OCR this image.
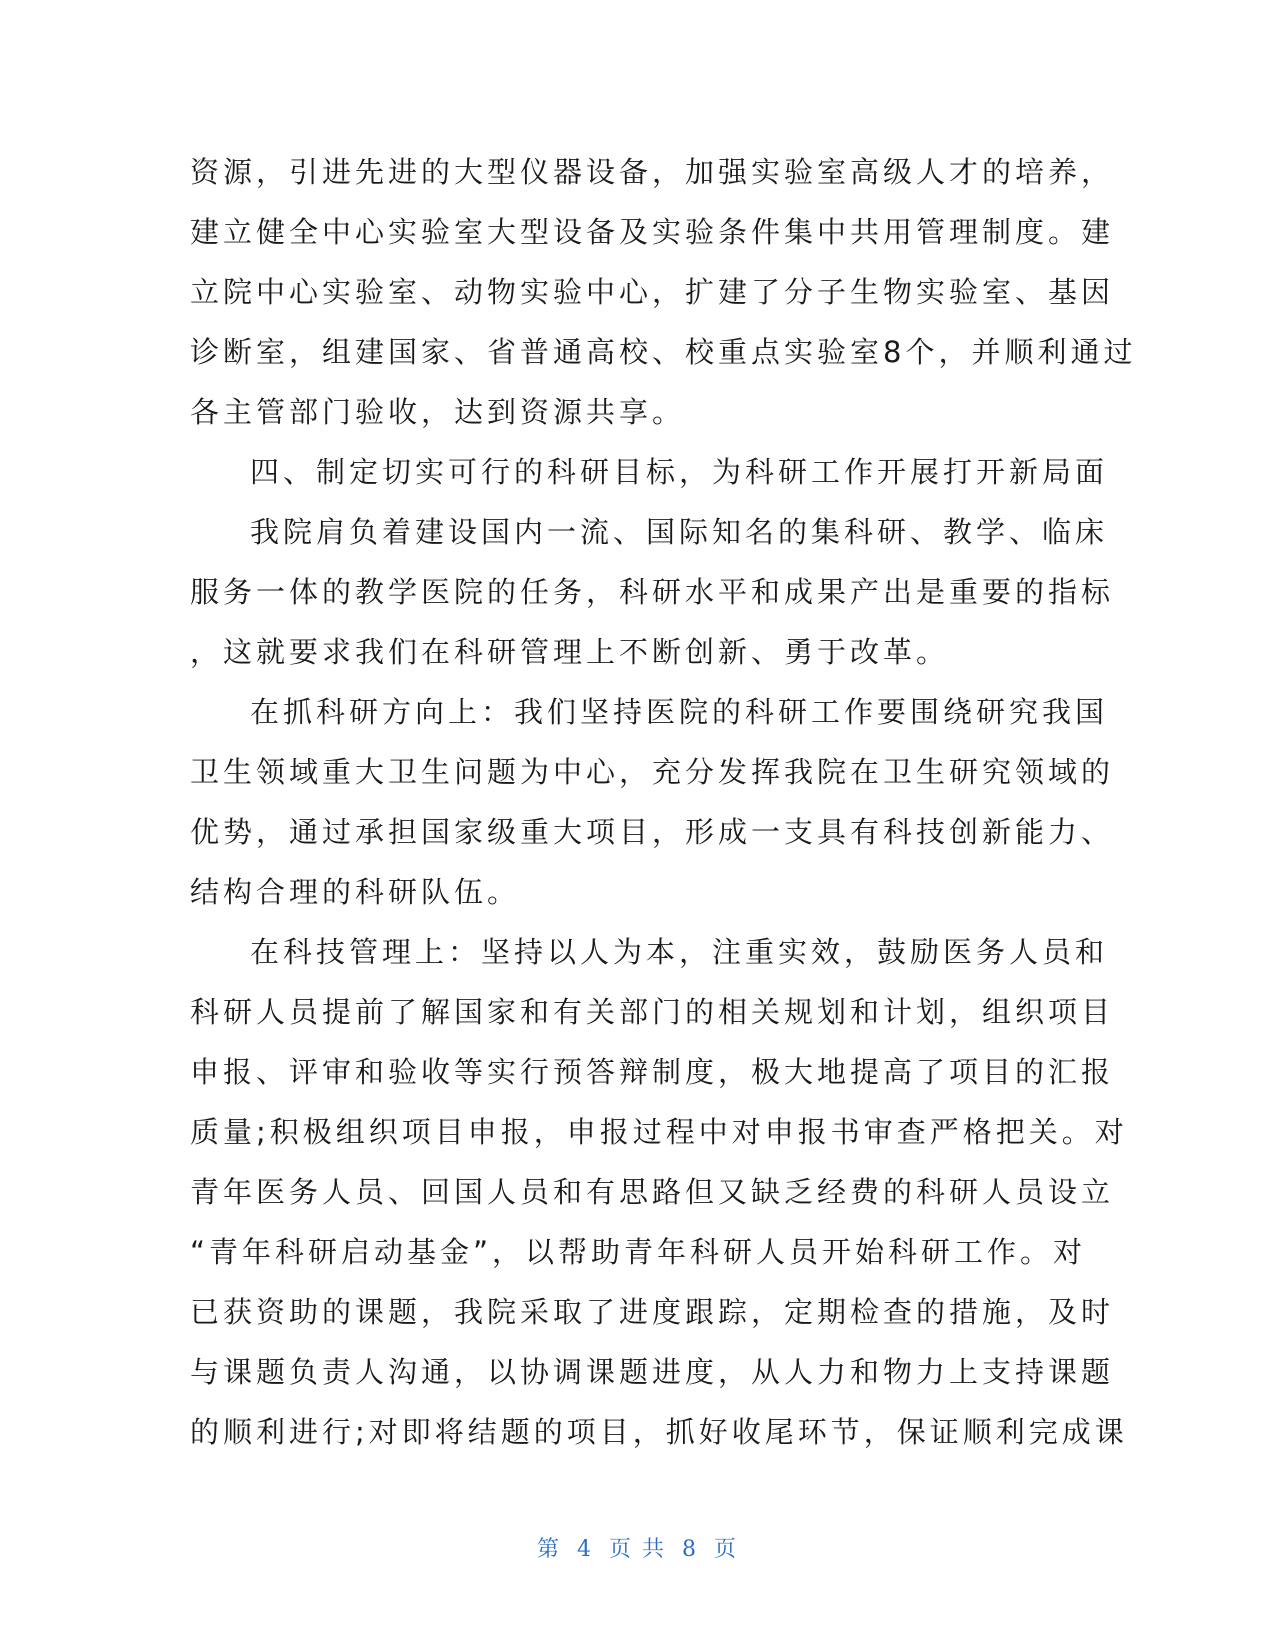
资源，引进先进的大型仪器设备，加强实验室高级人才的培养，
建立健全中心实验室大型设备及实验条件集中共用管理制度。建
立院中心实验室、动物实验中心，扩建了分子生物实验室、基因
诊断室，组建国家、省普通高校、校重点实验室8个，并顺利通过
各主管部门验收，达到资源共享。
四、制定切实可行的科研目标，为科研工作开展打开新局面
我院肩负着建设国内一流、国际知名的集科研、教学、临床
服务一体的教学医院的任务，科研水平和成果产出是重要的指标
，这就要求我们在科研管理上不断创新、勇于改革。
在抓科研方向上：我们坚持医院的科研工作要围绕研究我国
卫生领域重大卫生问题为中心，充分发挥我院在卫生研究领域的
优势，通过承担国家级重大项目，形成一支具有科技创新能力、
结构合理的科研队伍。
在科技管理上：坚持以人为本，注重实效，鼓励医务人员和
科研人员提前了解国家和有关部门的相关规划和计划，组织项目
申报、评审和验收等实行预答辩制度，极大地提高了项目的汇报
质量;积极组织项目申报，申报过程中对申报书审查严格把关。对
青年医务人员、回国人员和有思路但又缺乏经费的科研人员设立
“青年科研启动基金”，以帮助青年科研人员开始科研工作。对
已获资助的课题，我院采取了进度跟踪，定期检查的措施，及时
与课题负责人沟通，以协调课题进度，从人力和物力上支持课题
的顺利进行;对即将结题的项目，抓好收尾环节，保证顺利完成课
第 4 页 共 8 页
